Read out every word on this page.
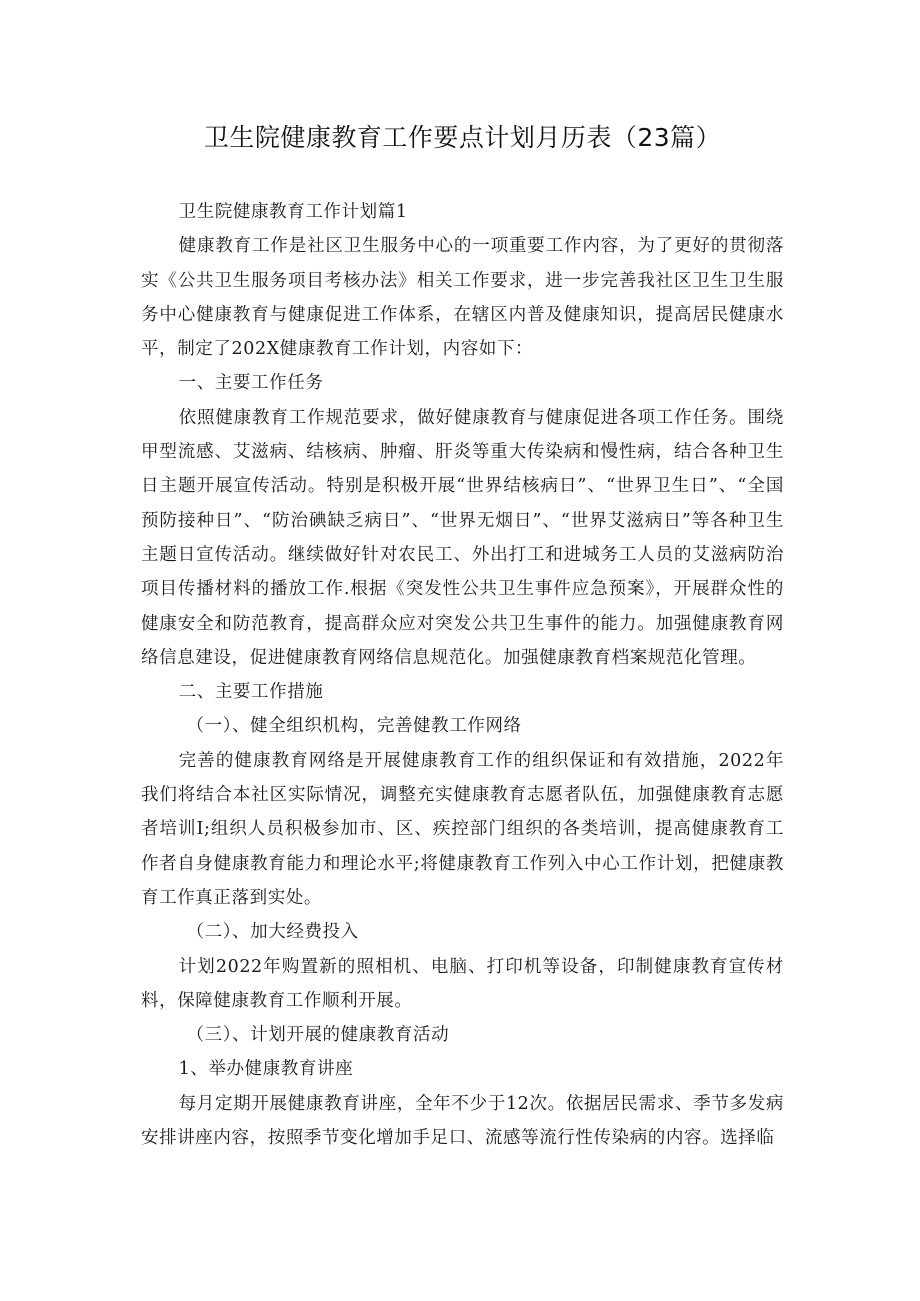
卫生院健康教育工作要点计划月历表（23篇）

卫生院健康教育工作计划篇1

健康教育工作是社区卫生服务中心的一项重要工作内容，为了更好的贯彻落实《公共卫生服务项目考核办法》相关工作要求，进一步完善我社区卫生卫生服务中心健康教育与健康促进工作体系，在辖区内普及健康知识，提高居民健康水平，制定了202X健康教育工作计划，内容如下：

一、主要工作任务

依照健康教育工作规范要求，做好健康教育与健康促进各项工作任务。围绕甲型流感、艾滋病、结核病、肿瘤、肝炎等重大传染病和慢性病，结合各种卫生日主题开展宣传活动。特别是积极开展“世界结核病日”、“世界卫生日”、“全国预防接种日”、“防治碘缺乏病日”、“世界无烟日”、“世界艾滋病日”等各种卫生主题日宣传活动。继续做好针对农民工、外出打工和进城务工人员的艾滋病防治项目传播材料的播放工作.根据《突发性公共卫生事件应急预案》，开展群众性的健康安全和防范教育，提高群众应对突发公共卫生事件的能力。加强健康教育网络信息建设，促进健康教育网络信息规范化。加强健康教育档案规范化管理。

二、主要工作措施

（一）、健全组织机构，完善健教工作网络

完善的健康教育网络是开展健康教育工作的组织保证和有效措施，2022年我们将结合本社区实际情况，调整充实健康教育志愿者队伍，加强健康教育志愿者培训I;组织人员积极参加市、区、疾控部门组织的各类培训，提高健康教育工作者自身健康教育能力和理论水平;将健康教育工作列入中心工作计划，把健康教育工作真正落到实处。

（二）、加大经费投入

计划2022年购置新的照相机、电脑、打印机等设备，印制健康教育宣传材料，保障健康教育工作顺利开展。

（三）、计划开展的健康教育活动

1、举办健康教育讲座

每月定期开展健康教育讲座，全年不少于12次。依据居民需求、季节多发病安排讲座内容，按照季节变化增加手足口、流感等流行性传染病的内容。选择临
